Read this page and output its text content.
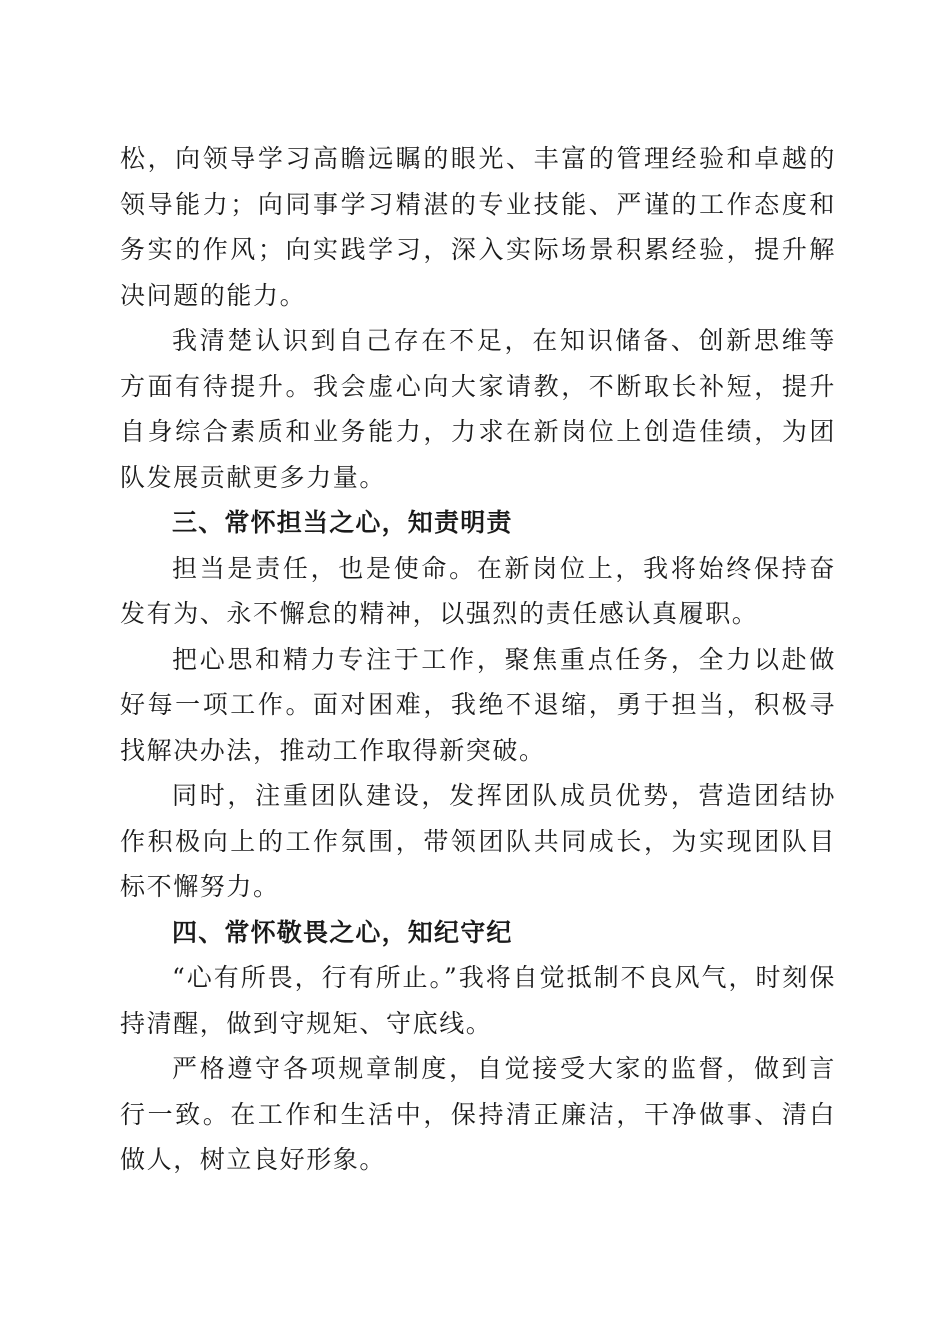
松，向领导学习高瞻远瞩的眼光、丰富的管理经验和卓越的领导能力；向同事学习精湛的专业技能、严谨的工作态度和务实的作风；向实践学习，深入实际场景积累经验，提升解决问题的能力。

我清楚认识到自己存在不足，在知识储备、创新思维等方面有待提升。我会虚心向大家请教，不断取长补短，提升自身综合素质和业务能力，力求在新岗位上创造佳绩，为团队发展贡献更多力量。

三、常怀担当之心，知责明责

担当是责任，也是使命。在新岗位上，我将始终保持奋发有为、永不懈怠的精神，以强烈的责任感认真履职。

把心思和精力专注于工作，聚焦重点任务，全力以赴做好每一项工作。面对困难，我绝不退缩，勇于担当，积极寻找解决办法，推动工作取得新突破。

同时，注重团队建设，发挥团队成员优势，营造团结协作积极向上的工作氛围，带领团队共同成长，为实现团队目标不懈努力。

四、常怀敬畏之心，知纪守纪

“心有所畏，行有所止。”我将自觉抵制不良风气，时刻保持清醒，做到守规矩、守底线。

严格遵守各项规章制度，自觉接受大家的监督，做到言行一致。在工作和生活中，保持清正廉洁，干净做事、清白做人，树立良好形象。
